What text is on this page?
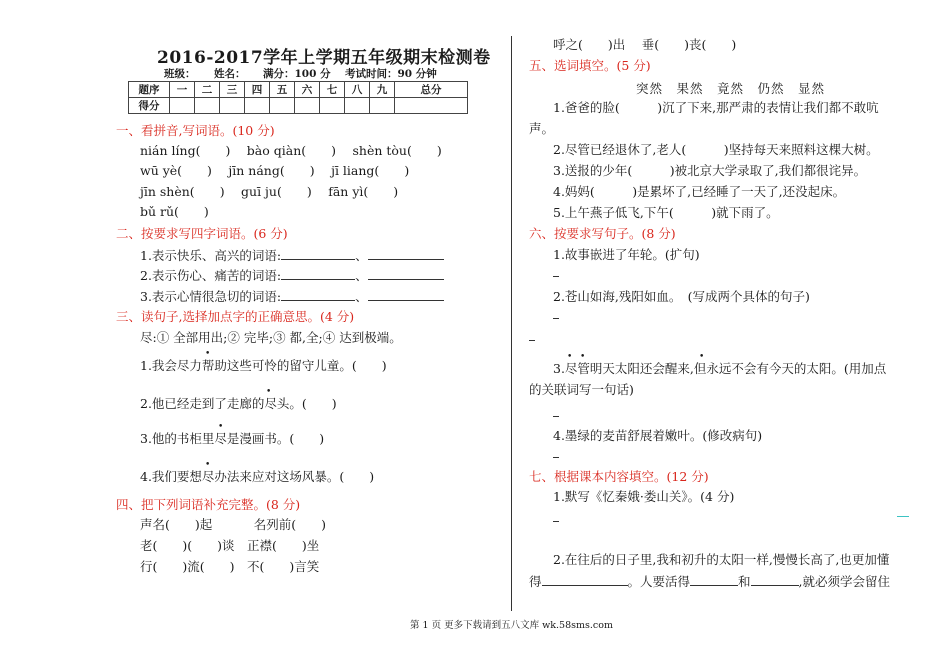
2016-2017学年上学期五年级期末检测卷
班级： 姓名： 满分：100 分 考试时间：90 分钟
题序	一	二	三	四	五	六	七	八	九	总分
得分										
一、看拼音,写词语。(10 分)
nián líng(　　)　 bào qiàn(　　)　 shèn tòu(　　)
wū yè(　　)　 jīn náng(　　)　 jī liang(　　)
jīn shèn(　　)　 guī ju(　　)　 fān yì(　　)
bǔ rǔ(　　)
二、按要求写四字词语。(6 分)
1.表示快乐、高兴的词语:	、
2.表示伤心、痛苦的词语:	、
3.表示心情很急切的词语:	、
三、读句子,选择加点字的正确意思。(4 分)
尽:① 全部用出;② 完毕;③ 都,全;④ 达到极端。
1.我会尽力帮助这些可怜的留守儿童。(　　)
2.他已经走到了走廊的尽头。(　　)
3.他的书柜里尽是漫画书。(　　)
4.我们要想尽办法来应对这场风暴。(　　)
•
•
•
•
四、把下列词语补充完整。(8 分)
声名(　　)起　　　 名列前(　　)
老(　　)(　　)谈　正襟(　　)坐
行(　　)流(　　)　不(　　)言笑
呼之(　　)出　 垂(　　)丧(　　)
五、选词填空。(5 分)
突然　果然　竟然　仍然　显然
1.爸爸的脸(　　　)沉了下来,那严肃的表情让我们都不敢吭
声。
2.尽管已经退休了,老人(　　　)坚持每天来照料这棵大树。
3.送报的少年(　　　)被北京大学录取了,我们都很诧异。
4.妈妈(　　　)是累坏了,已经睡了一天了,还没起床。
5.上午燕子低飞,下午(　　　)就下雨了。
六、按要求写句子。(8 分)
1.故事嵌进了年轮。(扩句)
2.苍山如海,残阳如血。　(写成两个具体的句子)
3.尽管明天太阳还会醒来,但永远不会有今天的太阳。(用加点
的关联词写一句话)
• •	•
4.墨绿的麦苗舒展着嫩叶。(修改病句)
七、根据课本内容填空。(12 分)
1.默写《忆秦娥·娄山关》。(4 分)
2.在往后的日子里,我和初升的太阳一样,慢慢长高了,也更加懂
得	。人要活得	和	,就必须学会留住
第 1 页 更多下载请到五八文库 wk.58sms.com
